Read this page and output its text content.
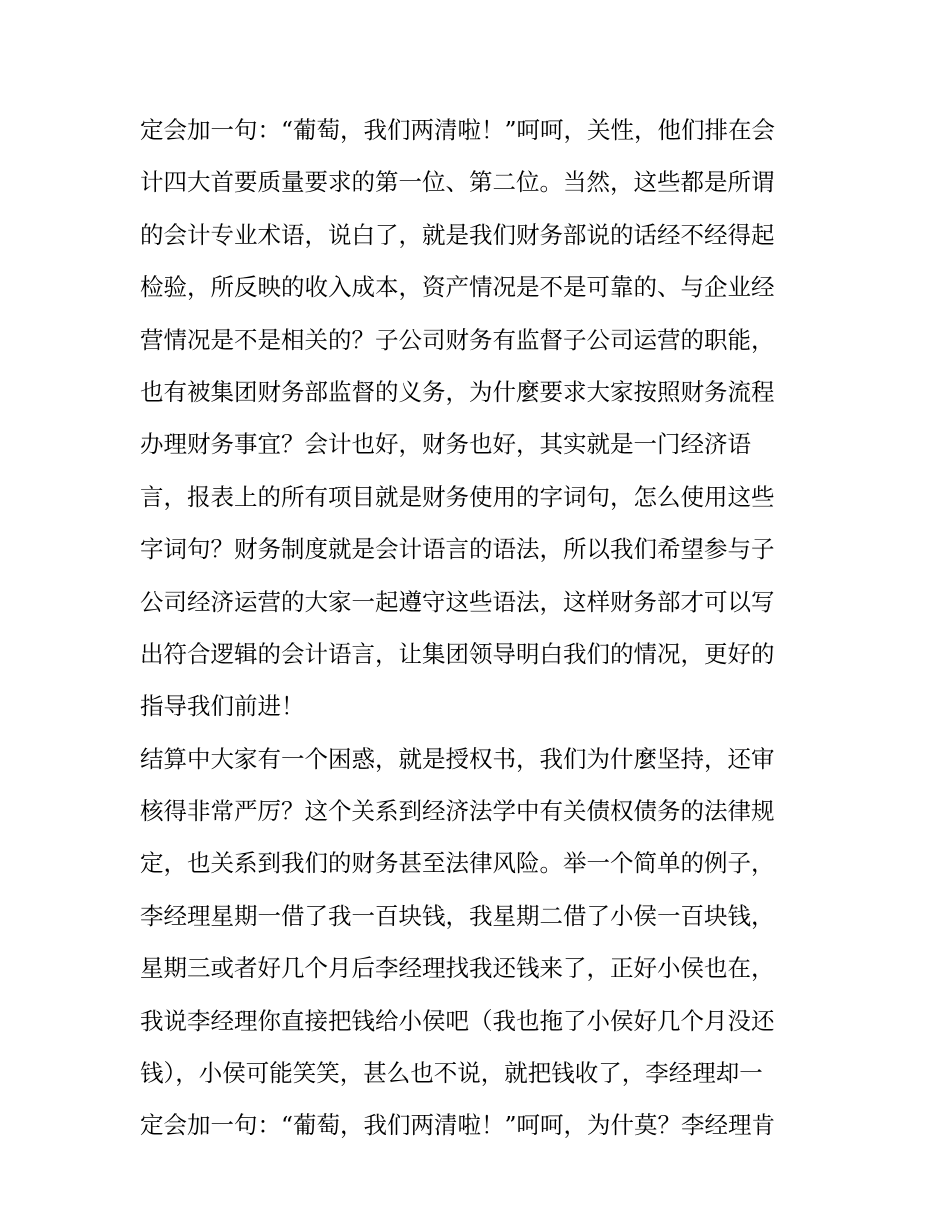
定会加一句：“葡萄，我们两清啦！”呵呵，关性，他们排在会
计四大首要质量要求的第一位、第二位。当然，这些都是所谓
的会计专业术语，说白了，就是我们财务部说的话经不经得起
检验，所反映的收入成本，资产情况是不是可靠的、与企业经
营情况是不是相关的？子公司财务有监督子公司运营的职能，
也有被集团财务部监督的义务，为什麼要求大家按照财务流程
办理财务事宜？会计也好，财务也好，其实就是一门经济语
言，报表上的所有项目就是财务使用的字词句，怎么使用这些
字词句？财务制度就是会计语言的语法，所以我们希望参与子
公司经济运营的大家一起遵守这些语法，这样财务部才可以写
出符合逻辑的会计语言，让集团领导明白我们的情况，更好的
指导我们前进！
结算中大家有一个困惑，就是授权书，我们为什麼坚持，还审
核得非常严厉？这个关系到经济法学中有关债权债务的法律规
定，也关系到我们的财务甚至法律风险。举一个简单的例子，
李经理星期一借了我一百块钱，我星期二借了小侯一百块钱，
星期三或者好几个月后李经理找我还钱来了，正好小侯也在，
我说李经理你直接把钱给小侯吧（我也拖了小侯好几个月没还
钱），小侯可能笑笑，甚么也不说，就把钱收了，李经理却一
定会加一句：“葡萄，我们两清啦！”呵呵，为什莫？李经理肯
